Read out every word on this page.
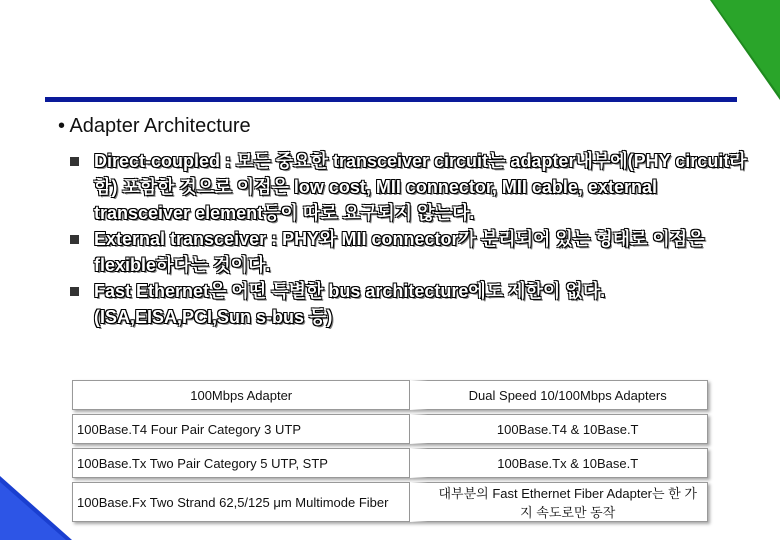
• Adapter Architecture
Direct-coupled : 모든 중요한 transceiver circuit는 adapter내부에(PHY circuit라함) 포함한 것으로 이점은 low cost, MII connector, MII cable, external transceiver element등이 따로 요구되지 않는다.
External transceiver : PHY와 MII connector가 분리되어 있는 형태로 이점은 flexible하다는 것이다.
Fast Ethernet은 어떤 특별한 bus architecture에도 제한이 없다. (ISA,EISA,PCI,Sun s-bus 등)
100Mbps Adapter	Dual Speed 10/100Mbps Adapters
100Base.T4 Four Pair Category 3 UTP	100Base.T4 & 10Base.T
100Base.Tx Two Pair Category 5 UTP, STP	100Base.Tx & 10Base.T
100Base.Fx Two Strand 62,5/125 μm Multimode Fiber	대부분의 Fast Ethernet Fiber Adapter는 한 가지 속도로만 동작
